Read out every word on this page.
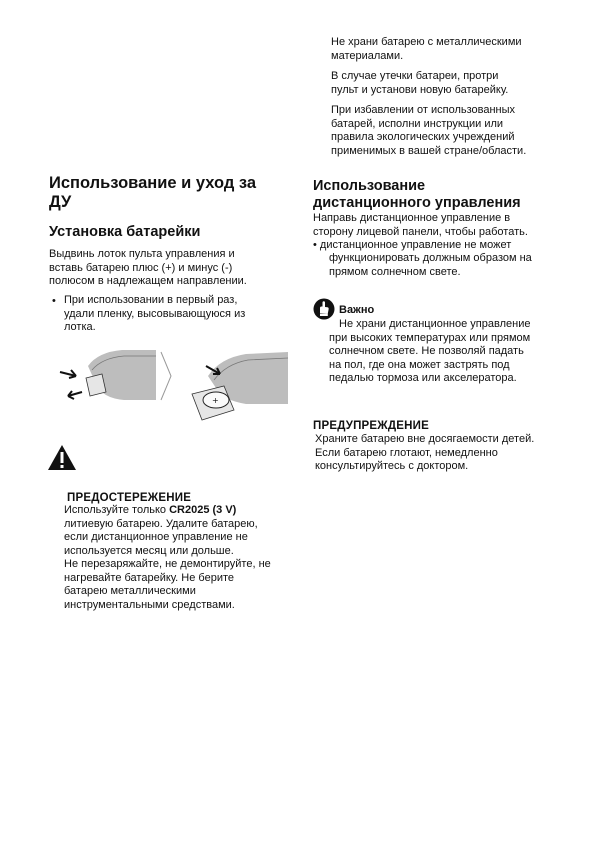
Использование и уход за

ДУ

Установка батарейки

Выдвинь лоток пульта управления и
вставь батарею плюс (+) и минус (-)
полюсом в надлежащем направлении.
• При использовании в первый раз,
удали пленку, высовывающуюся из
лотка.
+

ПРЕДОСТЕРЕЖЕНИЕ

Используйте только CR2025 (3 V)
литиевую батарею. Удалите батарею,
если дистанционное управление не
используется месяц или дольше.
Не перезаряжайте, не демонтируйте, не
нагревайте батарейку. Не берите
батарею металлическими
инструментальными средствами.
Не храни батарею с металлическими
материалами.
В случае утечки батареи, протри
пульт и установи новую батарейку.
При избавлении от использованных
батарей, исполни инструкции или
правила экологических учреждений
применимых в вашей стране/области.

Использование

дистанционного управления

Направь дистанционное управление в
сторону лицевой панели, чтобы работать.
• дистанционное управление не может
функционировать должным образом на
прямом солнечном свете.

Важно

Не храни дистанционное управление
при высоких температурах или прямом
солнечном свете. Не позволяй падать
на пол, где она может застрять под
педалью тормоза или акселератора.

ПРЕДУПРЕЖДЕНИЕ

Храните батарею вне досягаемости детей.
Если батарею глотают, немедленно
консультируйтесь с доктором.
